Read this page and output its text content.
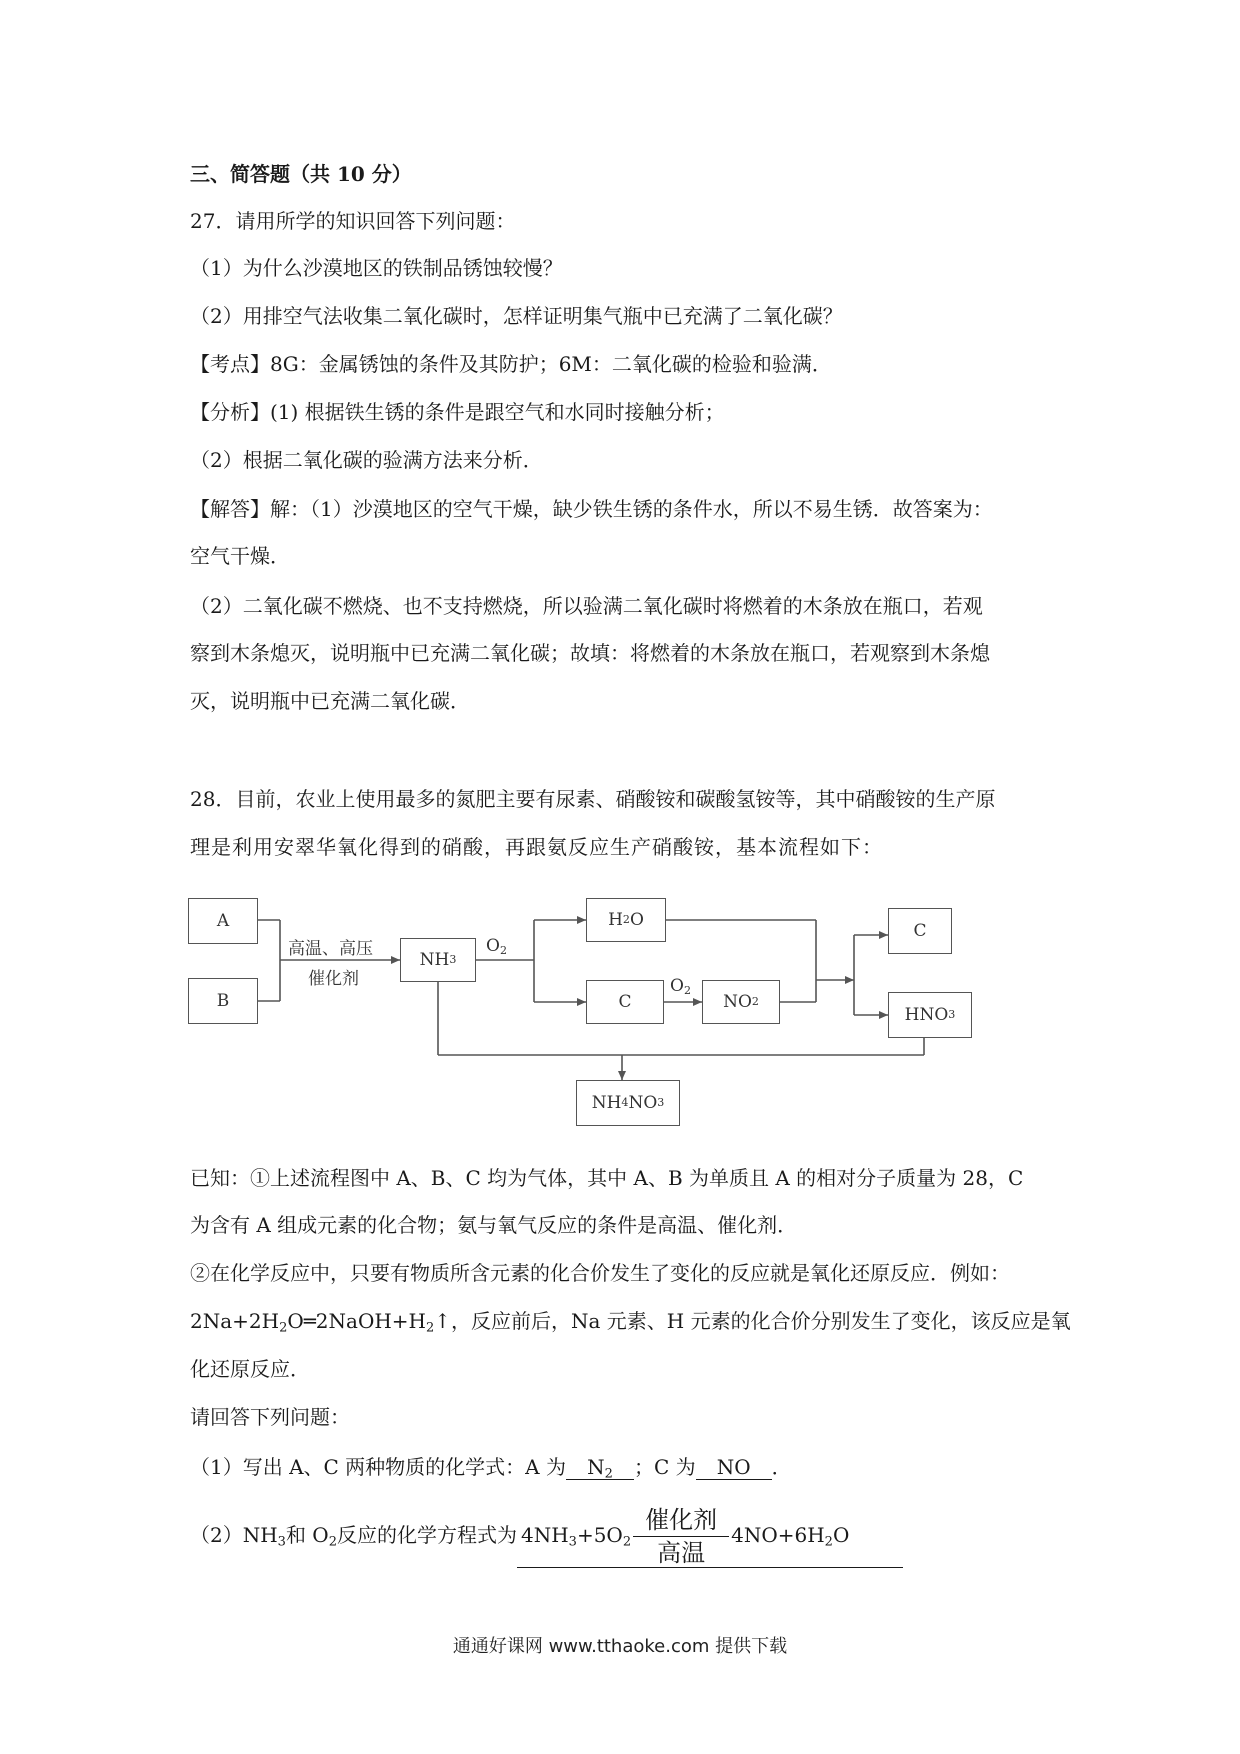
三、简答题（共 10 分）
27．请用所学的知识回答下列问题：
（1）为什么沙漠地区的铁制品锈蚀较慢？
（2）用排空气法收集二氧化碳时，怎样证明集气瓶中已充满了二氧化碳？
【考点】8G：金属锈蚀的条件及其防护；6M：二氧化碳的检验和验满．
【分析】(1) 根据铁生锈的条件是跟空气和水同时接触分析；
（2）根据二氧化碳的验满方法来分析．
【解答】解：（1）沙漠地区的空气干燥，缺少铁生锈的条件水，所以不易生锈．故答案为：
空气干燥．
（2）二氧化碳不燃烧、也不支持燃烧，所以验满二氧化碳时将燃着的木条放在瓶口，若观
察到木条熄灭，说明瓶中已充满二氧化碳；故填：将燃着的木条放在瓶口，若观察到木条熄
灭，说明瓶中已充满二氧化碳．
28．目前，农业上使用最多的氮肥主要有尿素、硝酸铵和碳酸氢铵等，其中硝酸铵的生产原
理是利用安翠华氧化得到的硝酸，再跟氨反应生产硝酸铵，基本流程如下：
A
B
高温、高压
催化剂
NH 3
$O_2$
H 2 O
C
$O_2$
NO 2
C
HNO 3
NH 4 NO 3
已知：①上述流程图中 A、B、C 均为气体，其中 A、B 为单质且 A 的相对分子质量为 28，C
为含有 A 组成元素的化合物；氨与氧气反应的条件是高温、催化剂．
②在化学反应中，只要有物质所含元素的化合价发生了变化的反应就是氧化还原反应．例如：
$2Na+2H_2O═2NaOH+H_2↑$，反应前后，Na 元素、H 元素的化合价分别发生了变化，该反应是氧
化还原反应．
请回答下列问题：
（1）写出 A、C 两种物质的化学式：A 为 $N_2$ ；C 为 NO ．
$(2)NH_3$和 $O_2$反应的化学方程式为 $4NH_3+5O_2 \frac{\text{催化剂}}{\text{高温}} 4NO+6H_2O$
通通好课网 www.tthaoke.com 提供下载
